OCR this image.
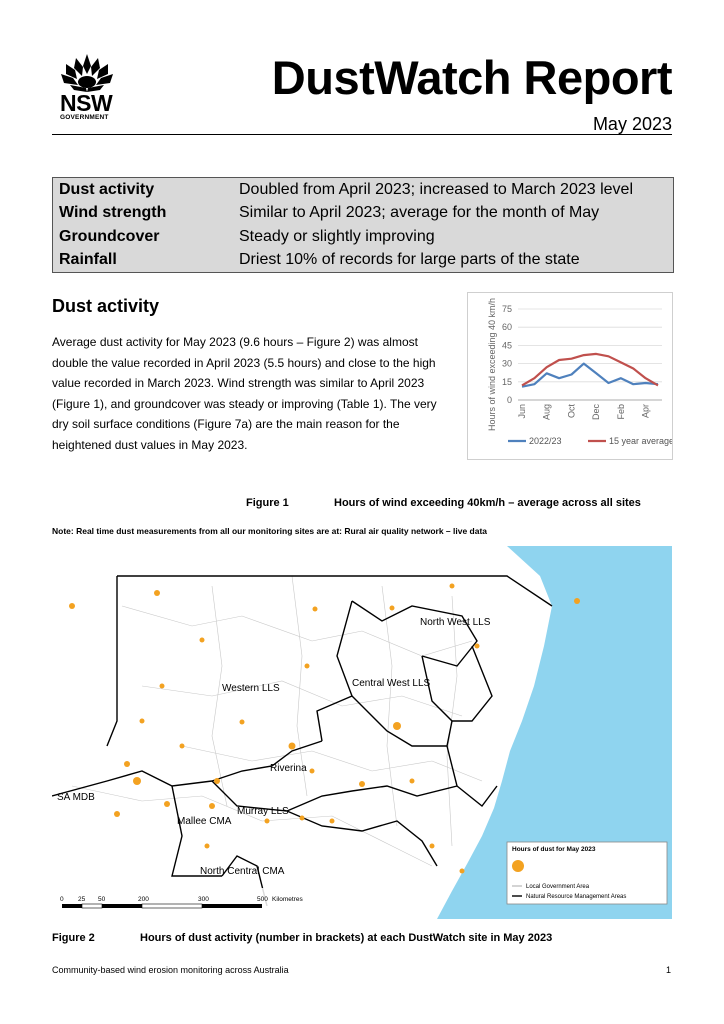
NSW
GOVERNMENT
DustWatch Report
May 2023
Dust activity	Doubled from April 2023; increased to March 2023 level
Wind strength	Similar to April 2023; average for the month of May
Groundcover	Steady or slightly improving
Rainfall	Driest 10% of records for large parts of the state
Dust activity
Average dust activity for May 2023 (9.6 hours – Figure 2) was almost double the value recorded in April 2023 (5.5 hours) and close to the high value recorded in March 2023. Wind strength was similar to April 2023 (Figure 1), and groundcover was steady or improving (Table 1). The very dry soil surface conditions (Figure 7a) are the main reason for the heightened dust values in May 2023.
0
15
30
45
60
75
Jun Aug Oct Dec Feb Apr
Hours of wind exceeding 40 km/h
2022/23	15 year average
Figure 1	Hours of wind exceeding 40km/h – average across all sites
Note: Real time dust measurements from all our monitoring sites are at: Rural air quality network – live data
North West LLS
Central West LLS
Western LLS
Riverina
Murray LLS
SA MDB
Mallee CMA
North Central CMA
Hours of dust for May 2023
Local Government Area
Natural Resource Management Areas
0 25 50	200	300	500 Kilometres
Figure 2	Hours of dust activity (number in brackets) at each DustWatch site in May 2023
Community-based wind erosion monitoring across Australia	1
